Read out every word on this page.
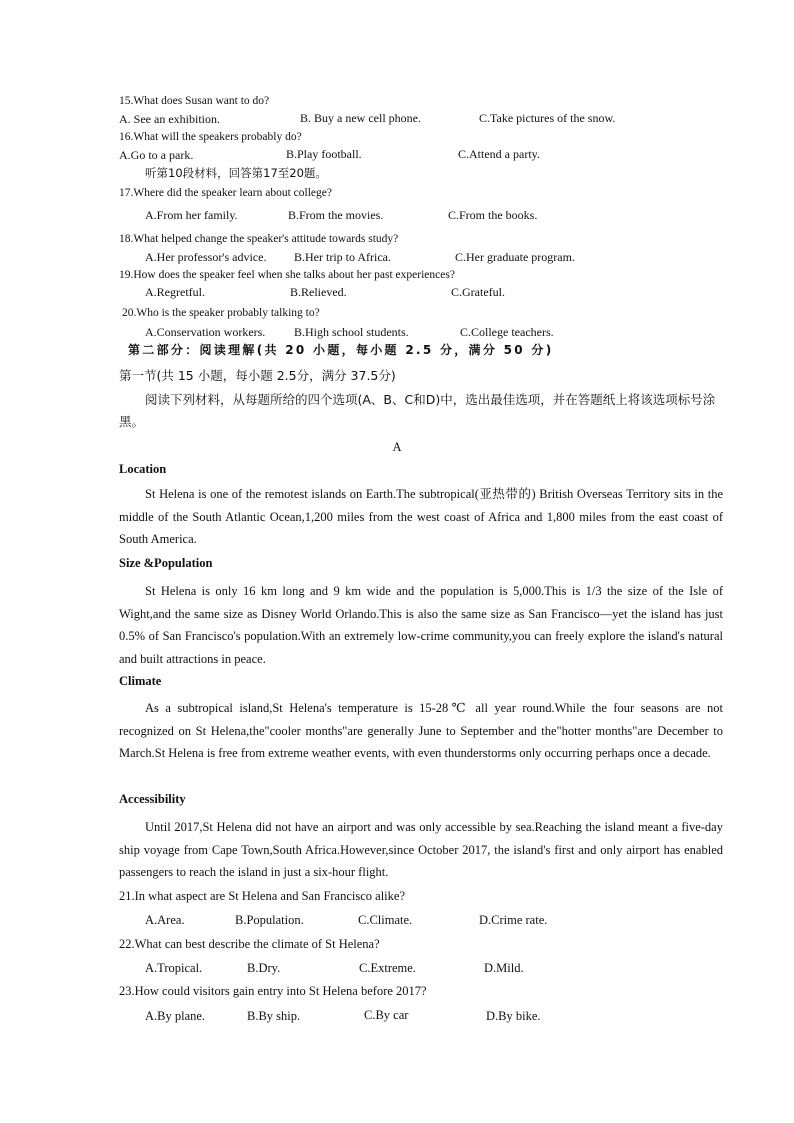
15.What does Susan want to do?
A. See an exhibition.	B. Buy a new cell phone.	C.Take pictures of the snow.
16.What will the speakers probably do?
A.Go to a park.	B.Play football.	C.Attend a party.
听第10段材料，回答第17至20题。
17.Where did the speaker learn about college?
A.From her family.	B.From the movies.	C.From the books.
18.What helped change the speaker's attitude towards study?
A.Her professor's advice. B.Her trip to Africa.	C.Her graduate program.
19.How does the speaker feel when she talks about her past experiences?
A.Regretful.	B.Relieved.	C.Grateful.
20.Who is the speaker probably talking to?
A.Conservation workers. B.High school students.	C.College teachers.
第二部分：阅读理解(共 20 小题，每小题 2.5 分，满分 50 分)
第一节(共 15 小题，每小题 2.5分，满分 37.5分)
阅读下列材料，从每题所给的四个选项(A、B、C和D)中，选出最佳选项，并在答题纸上将该选项标号涂黑。
A
Location
St Helena is one of the remotest islands on Earth.The subtropical(亚热带的) British Overseas Territory sits in the middle of the South Atlantic Ocean,1,200 miles from the west coast of Africa and 1,800 miles from the east coast of South America.
Size &Population
St Helena is only 16 km long and 9 km wide and the population is 5,000.This is 1/3 the size of the Isle of Wight,and the same size as Disney World Orlando.This is also the same size as San Francisco—yet the island has just 0.5% of San Francisco's population.With an extremely low-crime community,you can freely explore the island's natural and built attractions in peace.
Climate
As a subtropical island,St Helena's temperature is 15-28℃ all year round.While the four seasons are not recognized on St Helena,the"cooler months"are generally June to September and the"hotter months"are December to March.St Helena is free from extreme weather events, with even thunderstorms only occurring perhaps once a decade.
Accessibility
Until 2017,St Helena did not have an airport and was only accessible by sea.Reaching the island meant a five-day ship voyage from Cape Town,South Africa.However,since October 2017, the island's first and only airport has enabled passengers to reach the island in just a six-hour flight.
21.In what aspect are St Helena and San Francisco alike?
A.Area.	B.Population.	C.Climate.	D.Crime rate.
22.What can best describe the climate of St Helena?
A.Tropical.	B.Dry.	C.Extreme.	D.Mild.
23.How could visitors gain entry into St Helena before 2017?
A.By plane.	B.By ship.	C.By car	D.By bike.
